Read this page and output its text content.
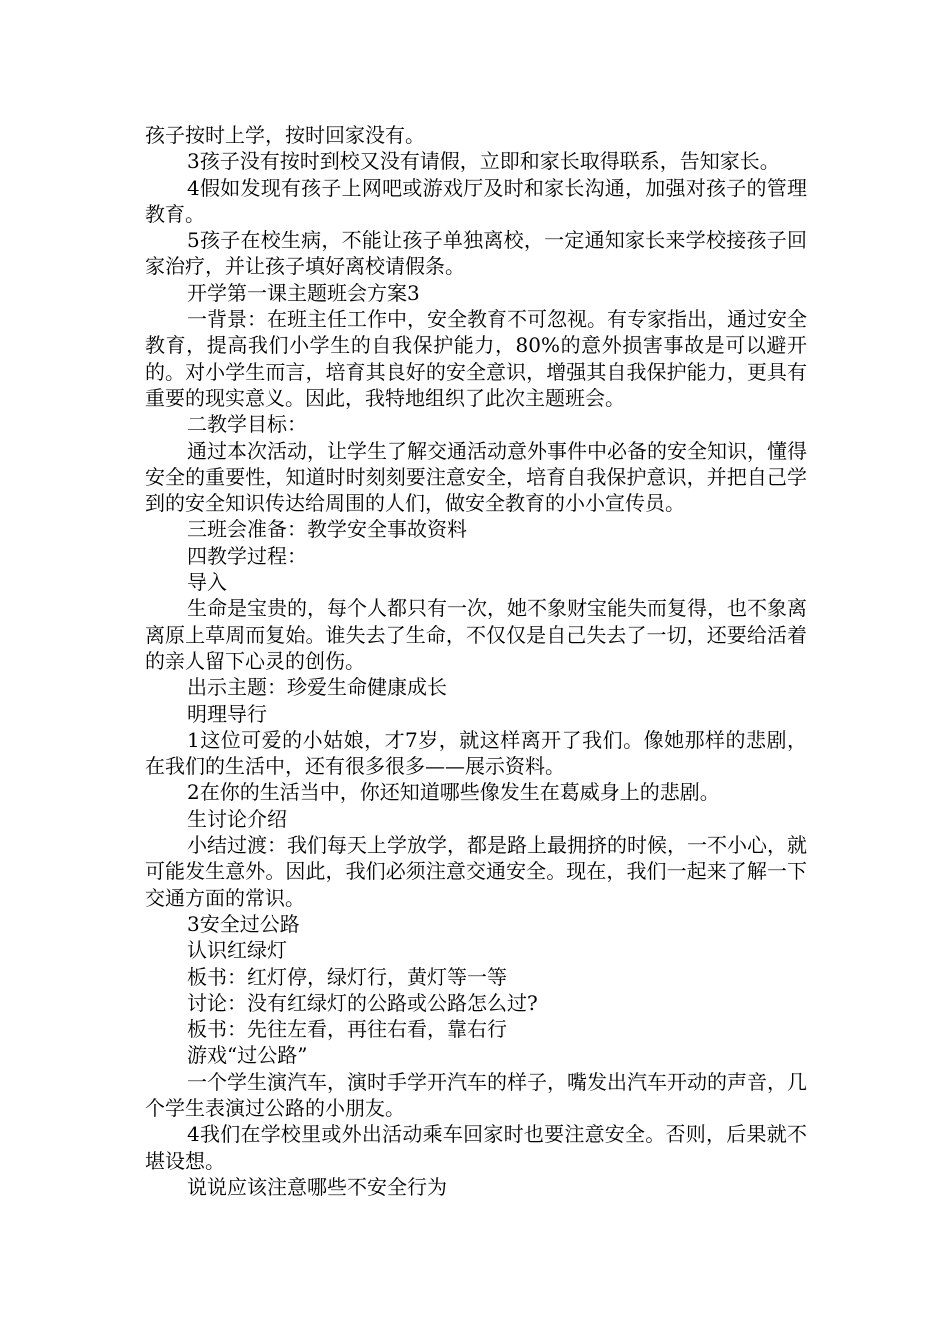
孩子按时上学，按时回家没有。

3孩子没有按时到校又没有请假，立即和家长取得联系，告知家长。

4假如发现有孩子上网吧或游戏厅及时和家长沟通，加强对孩子的管理教育。

5孩子在校生病，不能让孩子单独离校，一定通知家长来学校接孩子回家治疗，并让孩子填好离校请假条。

开学第一课主题班会方案3

一背景：在班主任工作中，安全教育不可忽视。有专家指出，通过安全教育，提高我们小学生的自我保护能力，80%的意外损害事故是可以避开的。对小学生而言，培育其良好的安全意识，增强其自我保护能力，更具有重要的现实意义。因此，我特地组织了此次主题班会。

二教学目标：

通过本次活动，让学生了解交通活动意外事件中必备的安全知识，懂得安全的重要性，知道时时刻刻要注意安全，培育自我保护意识，并把自己学到的安全知识传达给周围的人们，做安全教育的小小宣传员。

三班会准备：教学安全事故资料

四教学过程：

导入

生命是宝贵的，每个人都只有一次，她不象财宝能失而复得，也不象离离原上草周而复始。谁失去了生命，不仅仅是自己失去了一切，还要给活着的亲人留下心灵的创伤。

出示主题：珍爱生命健康成长

明理导行

1这位可爱的小姑娘，才7岁，就这样离开了我们。像她那样的悲剧，在我们的生活中，还有很多很多——展示资料。

2在你的生活当中，你还知道哪些像发生在葛威身上的悲剧。

生讨论介绍

小结过渡：我们每天上学放学，都是路上最拥挤的时候，一不小心，就可能发生意外。因此，我们必须注意交通安全。现在，我们一起来了解一下交通方面的常识。

3安全过公路

认识红绿灯

板书：红灯停，绿灯行，黄灯等一等

讨论：没有红绿灯的公路或公路怎么过?

板书：先往左看，再往右看，靠右行

游戏“过公路”

一个学生演汽车，演时手学开汽车的样子，嘴发出汽车开动的声音，几个学生表演过公路的小朋友。

4我们在学校里或外出活动乘车回家时也要注意安全。否则，后果就不堪设想。

说说应该注意哪些不安全行为
